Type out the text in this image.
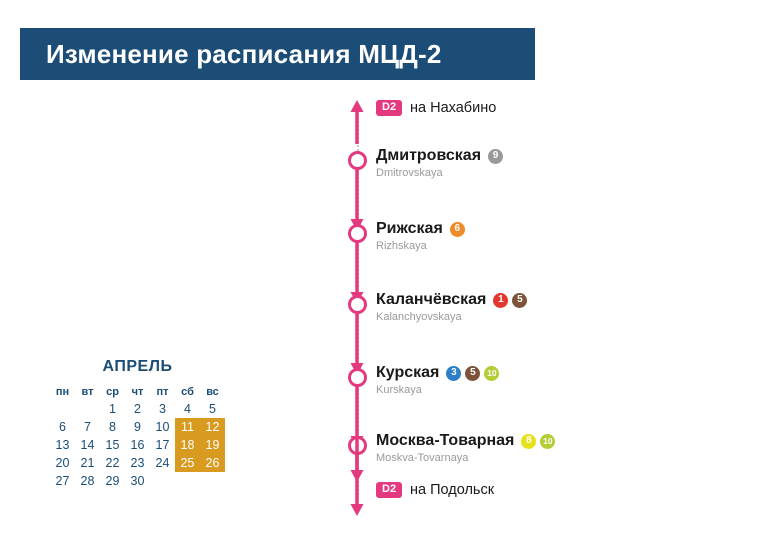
Изменение расписания МЦД-2
АПРЕЛЬ
пн	вт	ср	чт	пт	сб	вс
		1	2	3	4	5
6	7	8	9	10	11	12
13	14	15	16	17	18	19
20	21	22	23	24	25	26
27	28	29	30			
D2 на Нахабино
Дмитровская	9
Dmitrovskaya
Рижская	6
Rizhskaya
Каланчёвская	1	5
Kalanchyovskaya
Курская	3	5	10
Kurskaya
Москва-Товарная	8	10
Moskva-Tovarnaya
D2 на Подольск
